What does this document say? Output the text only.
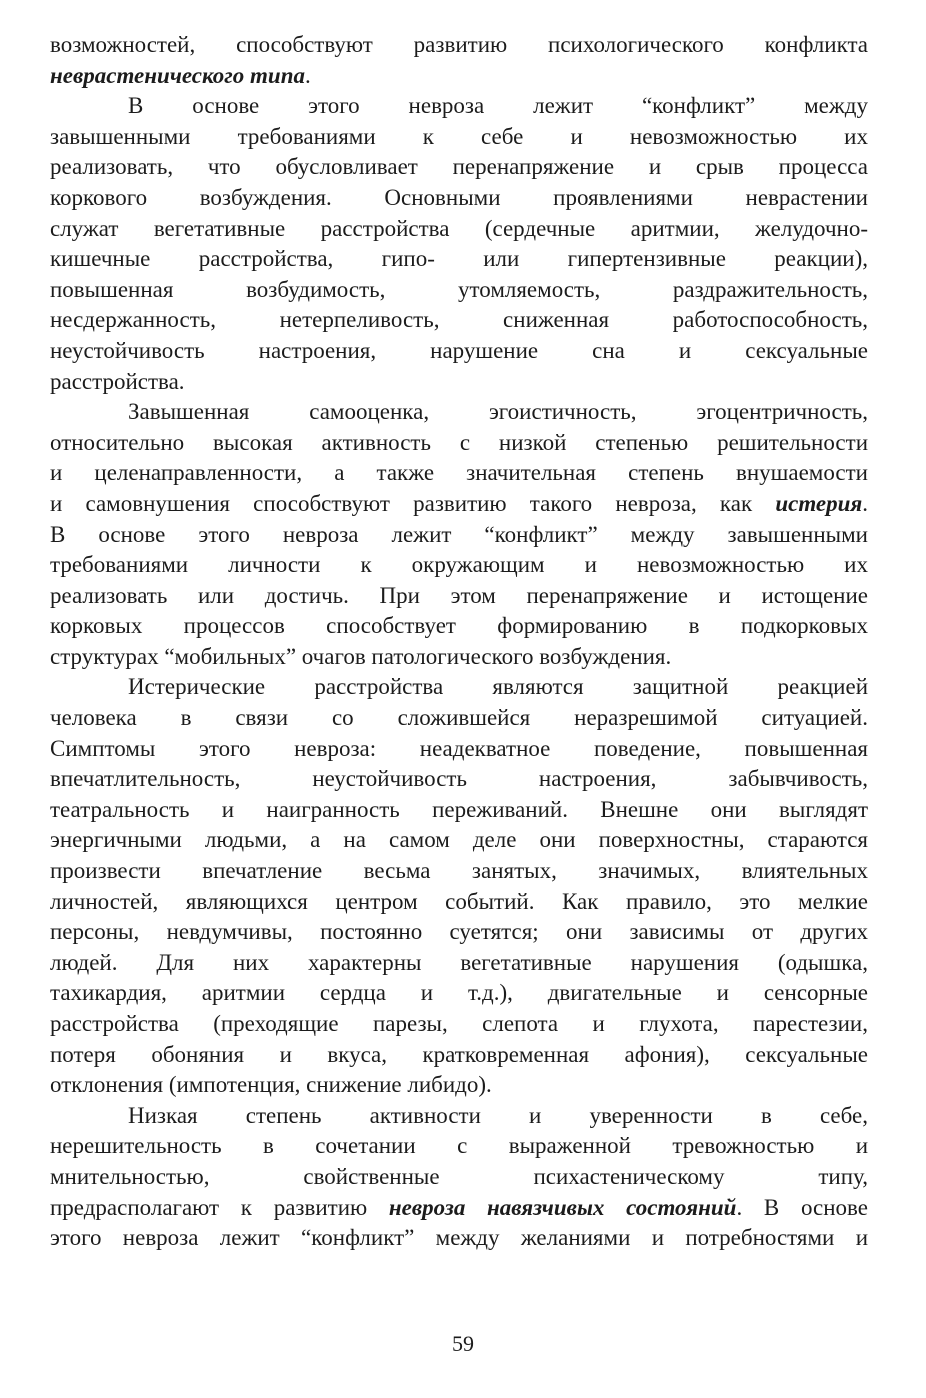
возможностей, способствуют развитию психологического конфликта
неврастенического типа.
В основе этого невроза лежит “конфликт” между
завышенными требованиями к себе и невозможностью их
реализовать, что обусловливает перенапряжение и срыв процесса
коркового возбуждения. Основными проявлениями неврастении
служат вегетативные расстройства (сердечные аритмии, желудочно-
кишечные расстройства, гипо- или гипертензивные реакции),
повышенная возбудимость, утомляемость, раздражительность,
несдержанность, нетерпеливость, сниженная работоспособность,
неустойчивость настроения, нарушение сна и сексуальные
расстройства.
Завышенная самооценка, эгоистичность, эгоцентричность,
относительно высокая активность с низкой степенью решительности
и целенаправленности, а также значительная степень внушаемости
и самовнушения способствуют развитию такого невроза, как истерия.
В основе этого невроза лежит “конфликт” между завышенными
требованиями личности к окружающим и невозможностью их
реализовать или достичь. При этом перенапряжение и истощение
корковых процессов способствует формированию в подкорковых
структурах “мобильных” очагов патологического возбуждения.
Истерические расстройства являются защитной реакцией
человека в связи со сложившейся неразрешимой ситуацией.
Симптомы этого невроза: неадекватное поведение, повышенная
впечатлительность, неустойчивость настроения, забывчивость,
театральность и наигранность переживаний. Внешне они выглядят
энергичными людьми, а на самом деле они поверхностны, стараются
произвести впечатление весьма занятых, значимых, влиятельных
личностей, являющихся центром событий. Как правило, это мелкие
персоны, невдумчивы, постоянно суетятся; они зависимы от других
людей. Для них характерны вегетативные нарушения (одышка,
тахикардия, аритмии сердца и т.д.), двигательные и сенсорные
расстройства (преходящие парезы, слепота и глухота, парестезии,
потеря обоняния и вкуса, кратковременная афония), сексуальные
отклонения (импотенция, снижение либидо).
Низкая степень активности и уверенности в себе,
нерешительность в сочетании с выраженной тревожностью и
мнительностью, свойственные психастеническому типу,
предрасполагают к развитию невроза навязчивых состояний. В основе
этого невроза лежит “конфликт” между желаниями и потребностями и
59
